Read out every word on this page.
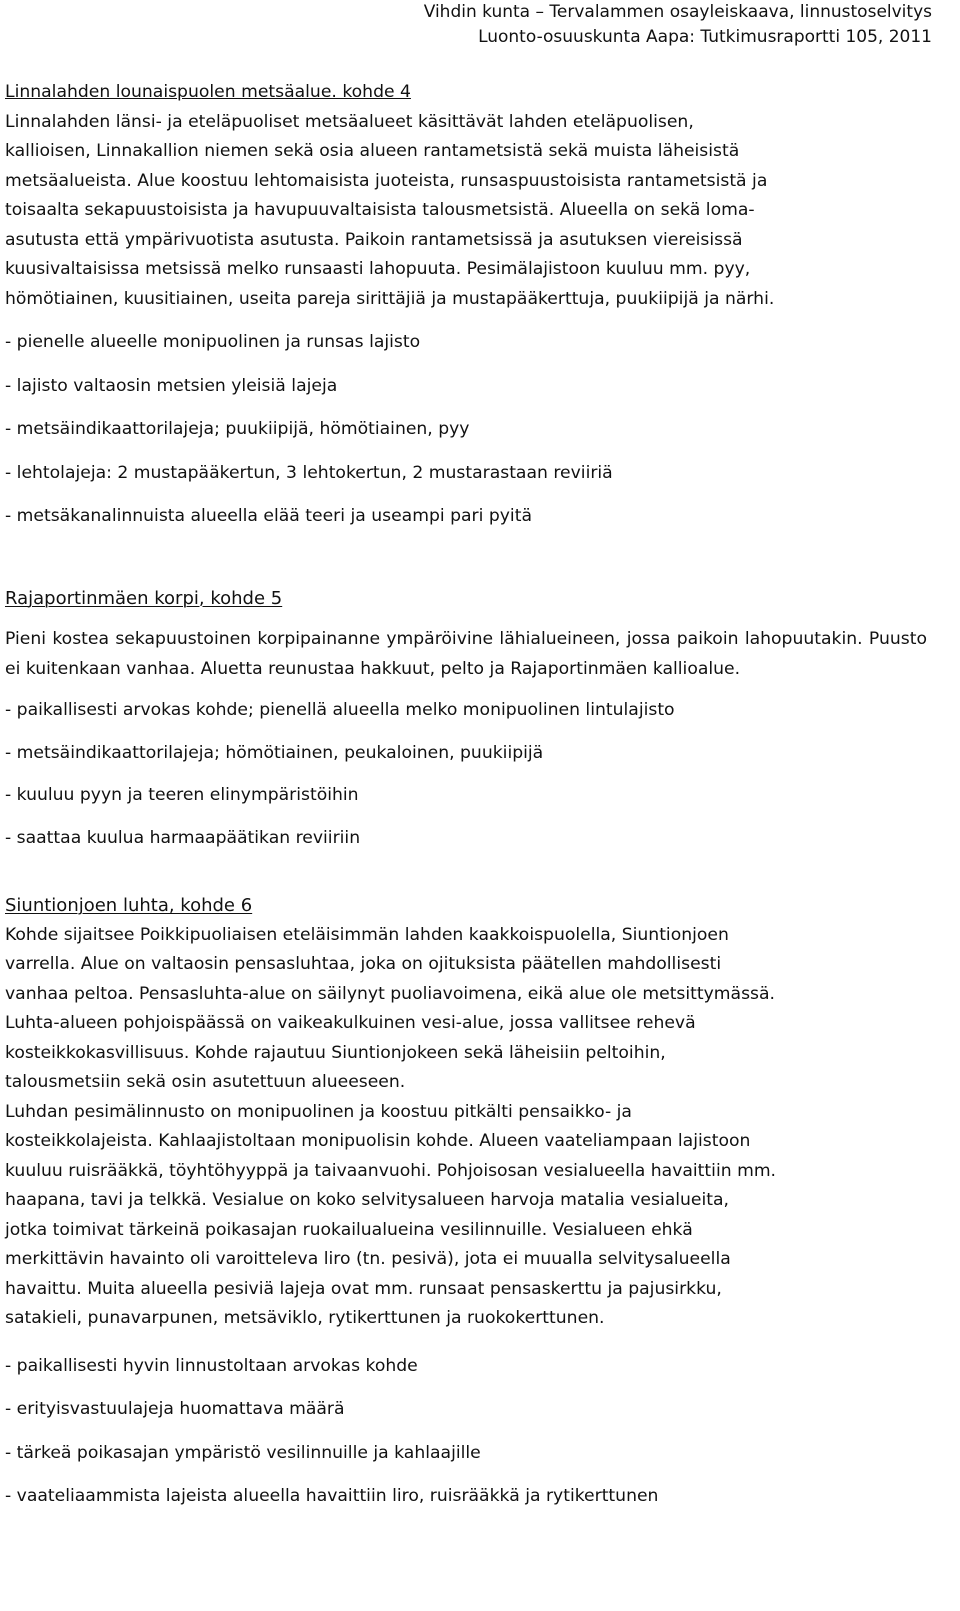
Vihdin kunta – Tervalammen osayleiskaava, linnustoselvitys
Luonto-osuuskunta Aapa: Tutkimusraportti 105, 2011

Linnalahden lounaispuolen metsäalue. kohde 4

Linnalahden länsi- ja eteläpuoliset metsäalueet käsittävät lahden eteläpuolisen,

kallioisen, Linnakallion niemen sekä osia alueen rantametsistä sekä muista läheisistä

metsäalueista. Alue koostuu lehtomaisista juoteista, runsaspuustoisista rantametsistä ja

toisaalta sekapuustoisista ja havupuuvaltaisista talousmetsistä. Alueella on sekä loma-

asutusta että ympärivuotista asutusta. Paikoin rantametsissä ja asutuksen viereisissä

kuusivaltaisissa metsissä melko runsaasti lahopuuta. Pesimälajistoon kuuluu mm. pyy,

hömötiainen, kuusitiainen, useita pareja sirittäjiä ja mustapääkerttuja, puukiipijä ja närhi.

- pienelle alueelle monipuolinen ja runsas lajisto

- lajisto valtaosin metsien yleisiä lajeja

- metsäindikaattorilajeja; puukiipijä, hömötiainen, pyy

- lehtolajeja: 2 mustapääkertun, 3 lehtokertun, 2 mustarastaan reviiriä

- metsäkanalinnuista alueella elää teeri ja useampi pari pyitä

Rajaportinmäen korpi, kohde 5

Pieni kostea sekapuustoinen korpipainanne ympäröivine lähialueineen, jossa paikoin lahopuutakin. Puusto ei kuitenkaan vanhaa. Aluetta reunustaa hakkuut, pelto ja Rajaportinmäen kallioalue.

- paikallisesti arvokas kohde; pienellä alueella melko monipuolinen lintulajisto

- metsäindikaattorilajeja; hömötiainen, peukaloinen, puukiipijä

- kuuluu pyyn ja teeren elinympäristöihin

- saattaa kuulua harmaapäätikan reviiriin

Siuntionjoen luhta, kohde 6

Kohde sijaitsee Poikkipuoliaisen eteläisimmän lahden kaakkoispuolella, Siuntionjoen

varrella. Alue on valtaosin pensasluhtaa, joka on ojituksista päätellen mahdollisesti

vanhaa peltoa. Pensasluhta-alue on säilynyt puoliavoimena, eikä alue ole metsittymässä.

Luhta-alueen pohjoispäässä on vaikeakulkuinen vesi-alue, jossa vallitsee rehevä

kosteikkokasvillisuus. Kohde rajautuu Siuntionjokeen sekä läheisiin peltoihin,

talousmetsiin sekä osin asutettuun alueeseen.

Luhdan pesimälinnusto on monipuolinen ja koostuu pitkälti pensaikko- ja

kosteikkolajeista. Kahlaajistoltaan monipuolisin kohde. Alueen vaateliampaan lajistoon

kuuluu ruisrääkkä, töyhtöhyyppä ja taivaanvuohi. Pohjoisosan vesialueella havaittiin mm.

haapana, tavi ja telkkä. Vesialue on koko selvitysalueen harvoja matalia vesialueita,

jotka toimivat tärkeinä poikasajan ruokailualueina vesilinnuille. Vesialueen ehkä

merkittävin havainto oli varoitteleva liro (tn. pesivä), jota ei muualla selvitysalueella

havaittu. Muita alueella pesiviä lajeja ovat mm. runsaat pensaskerttu ja pajusirkku,

satakieli, punavarpunen, metsäviklo, rytikerttunen ja ruokokerttunen.

- paikallisesti hyvin linnustoltaan arvokas kohde

- erityisvastuulajeja huomattava määrä

- tärkeä poikasajan ympäristö vesilinnuille ja kahlaajille

- vaateliaammista lajeista alueella havaittiin liro, ruisrääkkä ja rytikerttunen
